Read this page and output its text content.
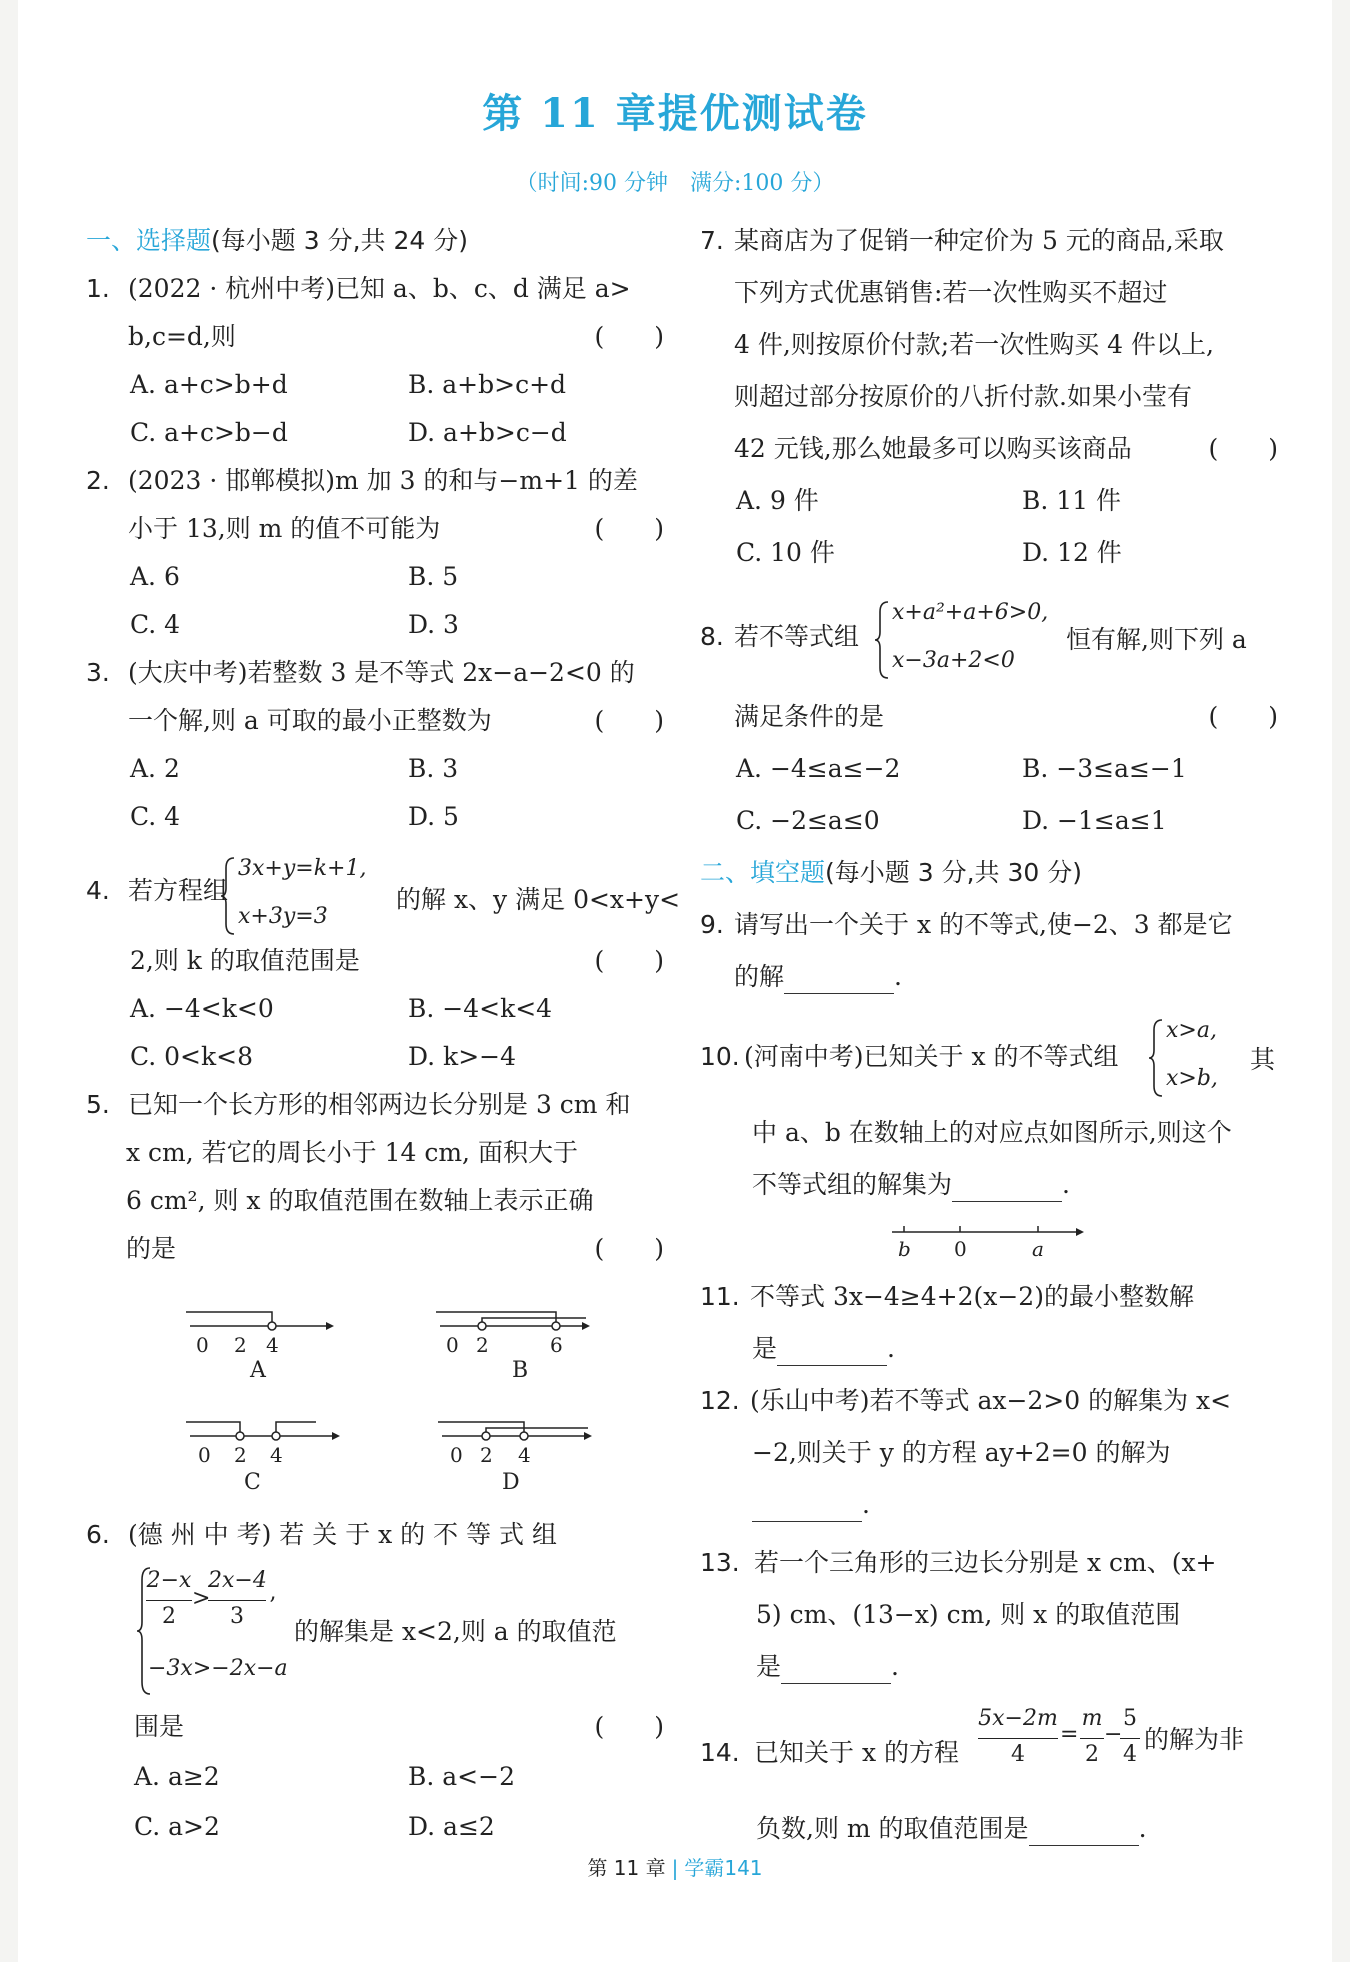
第 11 章提优测试卷
（时间:90 分钟　满分:100 分）
一、选择题(每小题 3 分,共 24 分)
1. (2022 · 杭州中考)已知 a、b、c、d 满足 a>
b,c=d,则	(　　)
A. a+c>b+d	B. a+b>c+d
C. a+c>b−d	D. a+b>c−d
2. (2023 · 邯郸模拟)m 加 3 的和与−m+1 的差
小于 13,则 m 的值不可能为	(　　)
A. 6	B. 5
C. 4	D. 3
3. (大庆中考)若整数 3 是不等式 2x−a−2<0 的
一个解,则 a 可取的最小正整数为	(　　)
A. 2	B. 3
C. 4	D. 5
4. 若方程组
3x+y=k+1,
x+3y=3
的解 x、y 满足 0<x+y<
2,则 k 的取值范围是	(　　)
A. −4<k<0	B. −4<k<4
C. 0<k<8	D. k>−4
5. 已知一个长方形的相邻两边长分别是 3 cm 和
x cm, 若它的周长小于 14 cm, 面积大于
6 cm², 则 x 的取值范围在数轴上表示正确
的是	(　　)
0 2 4
A
0 2	6
B
0 2 4
C
0 2 4
D
6. (德 州 中 考) 若 关 于 x 的 不 等 式 组
2−x
2
>
2x−4
3
,
−3x>−2x−a
的解集是 x<2,则 a 的取值范
围是	(　　)
A. a≥2	B. a<−2
C. a>2	D. a≤2
7. 某商店为了促销一种定价为 5 元的商品,采取
下列方式优惠销售:若一次性购买不超过
4 件,则按原价付款;若一次性购买 4 件以上,
则超过部分按原价的八折付款.如果小莹有
42 元钱,那么她最多可以购买该商品	(　　)
A. 9 件	B. 11 件
C. 10 件	D. 12 件
8. 若不等式组
x+a²+a+6>0,
x−3a+2<0
恒有解,则下列 a
满足条件的是	(　　)
A. −4≤a≤−2	B. −3≤a≤−1
C. −2≤a≤0	D. −1≤a≤1
二、填空题(每小题 3 分,共 30 分)
9. 请写出一个关于 x 的不等式,使−2、3 都是它
的解	.
10. (河南中考)已知关于 x 的不等式组
x>a,
x>b,
其
中 a、b 在数轴上的对应点如图所示,则这个
不等式组的解集为	.
b 0	a
11. 不等式 3x−4≥4+2(x−2)的最小整数解
是	.
12. (乐山中考)若不等式 ax−2>0 的解集为 x<
−2,则关于 y 的方程 ay+2=0 的解为
.
13. 若一个三角形的三边长分别是 x cm、(x+
5) cm、(13−x) cm, 则 x 的取值范围
是	.
14. 已知关于 x 的方程
5x−2m
4
=
m
2
−
5
4
的解为非
负数,则 m 的取值范围是	.
第 11 章 | 学霸141
